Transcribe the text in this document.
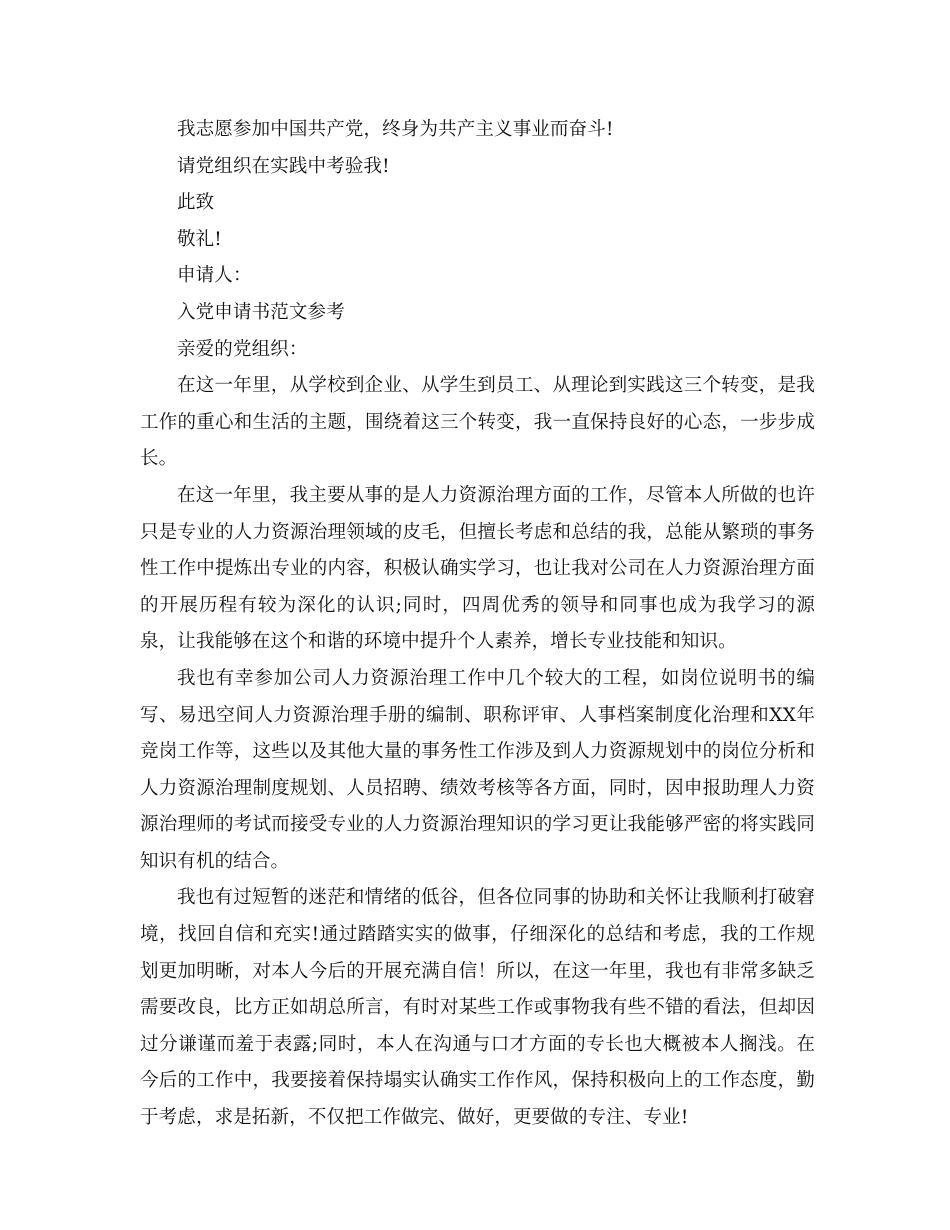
我志愿参加中国共产党，终身为共产主义事业而奋斗!

请党组织在实践中考验我!

此致

敬礼!

申请人：

入党申请书范文参考

亲爱的党组织：

在这一年里，从学校到企业、从学生到员工、从理论到实践这三个转变，是我工作的重心和生活的主题，围绕着这三个转变，我一直保持良好的心态，一步步成长。

在这一年里，我主要从事的是人力资源治理方面的工作，尽管本人所做的也许只是专业的人力资源治理领域的皮毛，但擅长考虑和总结的我，总能从繁琐的事务性工作中提炼出专业的内容，积极认确实学习，也让我对公司在人力资源治理方面的开展历程有较为深化的认识;同时，四周优秀的领导和同事也成为我学习的源泉，让我能够在这个和谐的环境中提升个人素养，增长专业技能和知识。

我也有幸参加公司人力资源治理工作中几个较大的工程，如岗位说明书的编写、易迅空间人力资源治理手册的编制、职称评审、人事档案制度化治理和XX年竞岗工作等，这些以及其他大量的事务性工作涉及到人力资源规划中的岗位分析和人力资源治理制度规划、人员招聘、绩效考核等各方面，同时，因申报助理人力资源治理师的考试而接受专业的人力资源治理知识的学习更让我能够严密的将实践同知识有机的结合。

我也有过短暂的迷茫和情绪的低谷，但各位同事的协助和关怀让我顺利打破窘境，找回自信和充实!通过踏踏实实的做事，仔细深化的总结和考虑，我的工作规划更加明晰，对本人今后的开展充满自信！所以，在这一年里，我也有非常多缺乏需要改良，比方正如胡总所言，有时对某些工作或事物我有些不错的看法，但却因过分谦谨而羞于表露;同时，本人在沟通与口才方面的专长也大概被本人搁浅。在今后的工作中，我要接着保持塌实认确实工作作风，保持积极向上的工作态度，勤于考虑，求是拓新，不仅把工作做完、做好，更要做的专注、专业!
